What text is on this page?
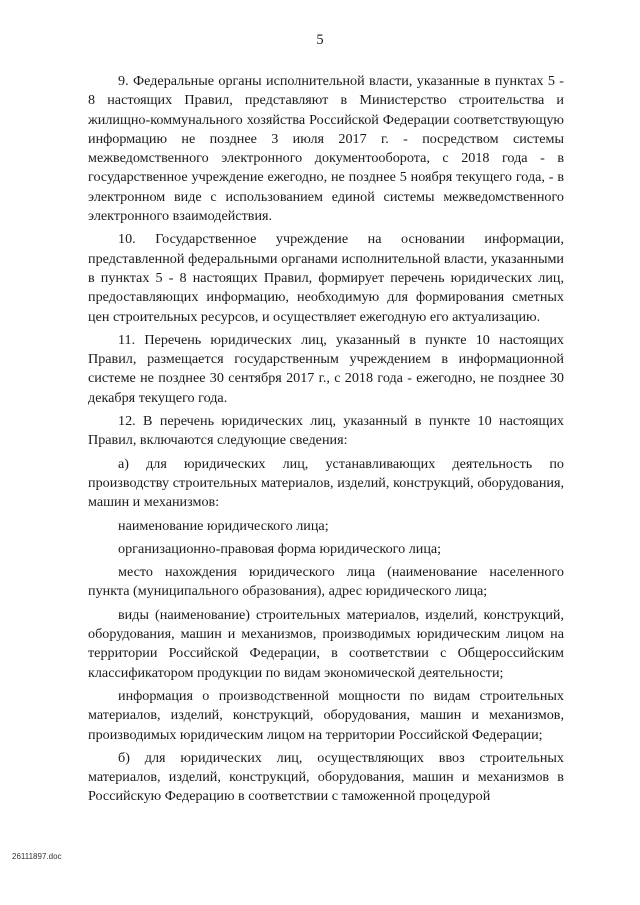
5

9. Федеральные органы исполнительной власти, указанные в пунктах 5 - 8 настоящих Правил, представляют в Министерство строительства и жилищно-коммунального хозяйства Российской Федерации соответствующую информацию не позднее 3 июля 2017 г. - посредством системы межведомственного электронного документооборота, с 2018 года - в государственное учреждение ежегодно, не позднее 5 ноября текущего года, - в электронном виде с использованием единой системы межведомственного электронного взаимодействия.

10. Государственное учреждение на основании информации, представленной федеральными органами исполнительной власти, указанными в пунктах 5 - 8 настоящих Правил, формирует перечень юридических лиц, предоставляющих информацию, необходимую для формирования сметных цен строительных ресурсов, и осуществляет ежегодную его актуализацию.

11. Перечень юридических лиц, указанный в пункте 10 настоящих Правил, размещается государственным учреждением в информационной системе не позднее 30 сентября 2017 г., с 2018 года - ежегодно, не позднее 30 декабря текущего года.

12. В перечень юридических лиц, указанный в пункте 10 настоящих Правил, включаются следующие сведения:

а) для юридических лиц, устанавливающих деятельность по производству строительных материалов, изделий, конструкций, оборудования, машин и механизмов:

наименование юридического лица;

организационно-правовая форма юридического лица;

место нахождения юридического лица (наименование населенного пункта (муниципального образования), адрес юридического лица;

виды (наименование) строительных материалов, изделий, конструкций, оборудования, машин и механизмов, производимых юридическим лицом на территории Российской Федерации, в соответствии с Общероссийским классификатором продукции по видам экономической деятельности;

информация о производственной мощности по видам строительных материалов, изделий, конструкций, оборудования, машин и механизмов, производимых юридическим лицом на территории Российской Федерации;

б) для юридических лиц, осуществляющих ввоз строительных материалов, изделий, конструкций, оборудования, машин и механизмов в Российскую Федерацию в соответствии с таможенной процедурой

26111897.doc
